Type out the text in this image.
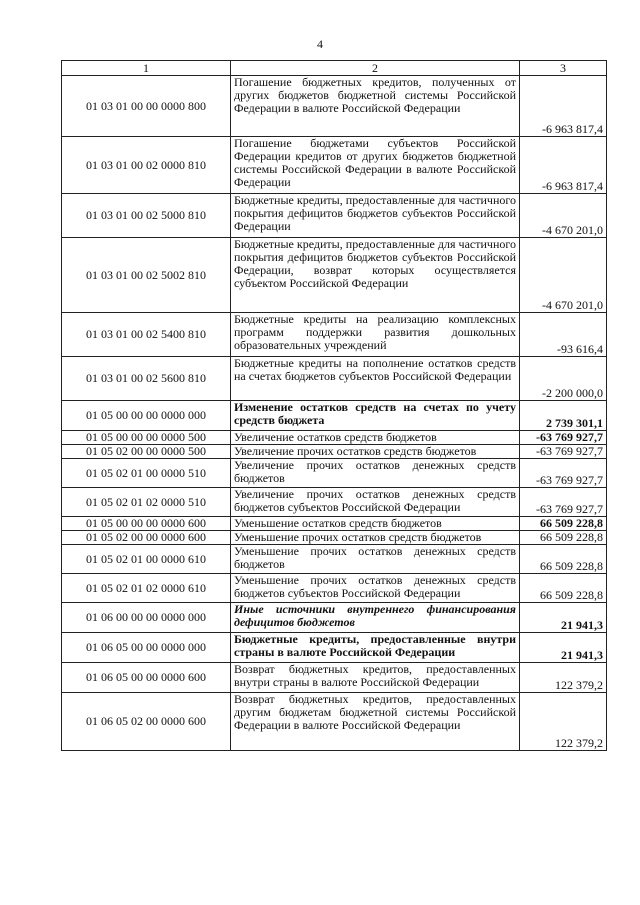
4
1	2	3
01 03 01 00 00 0000 800	Погашение бюджетных кредитов, полученных от других бюджетов бюджетной системы Российской Федерации в валюте Российской Федерации	-6 963 817,4
01 03 01 00 02 0000 810	Погашение бюджетами субъектов Российской Федерации кредитов от других бюджетов бюджетной системы Российской Федерации в валюте Российской Федерации	-6 963 817,4
01 03 01 00 02 5000 810	Бюджетные кредиты, предоставленные для частичного покрытия дефицитов бюджетов субъектов Российской Федерации	-4 670 201,0
01 03 01 00 02 5002 810	Бюджетные кредиты, предоставленные для частичного покрытия дефицитов бюджетов субъектов Российской Федерации, возврат которых осуществляется субъектом Российской Федерации	-4 670 201,0
01 03 01 00 02 5400 810	Бюджетные кредиты на реализацию комплексных программ поддержки развития дошкольных образовательных учреждений	-93 616,4
01 03 01 00 02 5600 810	Бюджетные кредиты на пополнение остатков средств на счетах бюджетов субъектов Российской Федерации	-2 200 000,0
01 05 00 00 00 0000 000	Изменение остатков средств на счетах по учету средств бюджета	2 739 301,1
01 05 00 00 00 0000 500	Увеличение остатков средств бюджетов	-63 769 927,7
01 05 02 00 00 0000 500	Увеличение прочих остатков средств бюджетов	-63 769 927,7
01 05 02 01 00 0000 510	Увеличение прочих остатков денежных средств бюджетов	-63 769 927,7
01 05 02 01 02 0000 510	Увеличение прочих остатков денежных средств бюджетов субъектов Российской Федерации	-63 769 927,7
01 05 00 00 00 0000 600	Уменьшение остатков средств бюджетов	66 509 228,8
01 05 02 00 00 0000 600	Уменьшение прочих остатков средств бюджетов	66 509 228,8
01 05 02 01 00 0000 610	Уменьшение прочих остатков денежных средств бюджетов	66 509 228,8
01 05 02 01 02 0000 610	Уменьшение прочих остатков денежных средств бюджетов субъектов Российской Федерации	66 509 228,8
01 06 00 00 00 0000 000	Иные источники внутреннего финансирования дефицитов бюджетов	21 941,3
01 06 05 00 00 0000 000	Бюджетные кредиты, предоставленные внутри страны в валюте Российской Федерации	21 941,3
01 06 05 00 00 0000 600	Возврат бюджетных кредитов, предоставленных внутри страны в валюте Российской Федерации	122 379,2
01 06 05 02 00 0000 600	Возврат бюджетных кредитов, предоставленных другим бюджетам бюджетной системы Российской Федерации в валюте Российской Федерации	122 379,2
